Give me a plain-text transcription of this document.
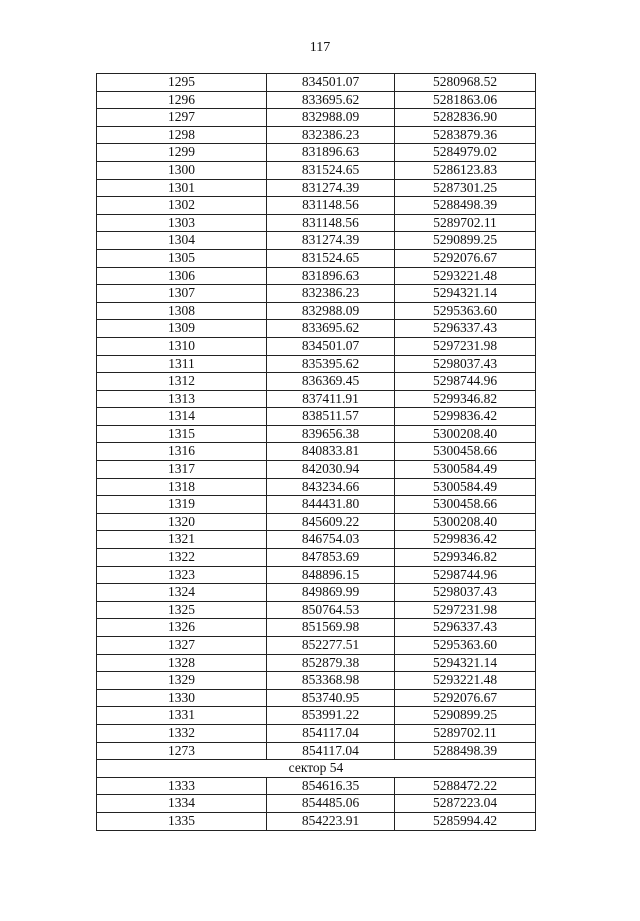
117
1295	834501.07	5280968.52
1296	833695.62	5281863.06
1297	832988.09	5282836.90
1298	832386.23	5283879.36
1299	831896.63	5284979.02
1300	831524.65	5286123.83
1301	831274.39	5287301.25
1302	831148.56	5288498.39
1303	831148.56	5289702.11
1304	831274.39	5290899.25
1305	831524.65	5292076.67
1306	831896.63	5293221.48
1307	832386.23	5294321.14
1308	832988.09	5295363.60
1309	833695.62	5296337.43
1310	834501.07	5297231.98
1311	835395.62	5298037.43
1312	836369.45	5298744.96
1313	837411.91	5299346.82
1314	838511.57	5299836.42
1315	839656.38	5300208.40
1316	840833.81	5300458.66
1317	842030.94	5300584.49
1318	843234.66	5300584.49
1319	844431.80	5300458.66
1320	845609.22	5300208.40
1321	846754.03	5299836.42
1322	847853.69	5299346.82
1323	848896.15	5298744.96
1324	849869.99	5298037.43
1325	850764.53	5297231.98
1326	851569.98	5296337.43
1327	852277.51	5295363.60
1328	852879.38	5294321.14
1329	853368.98	5293221.48
1330	853740.95	5292076.67
1331	853991.22	5290899.25
1332	854117.04	5289702.11
1273	854117.04	5288498.39
сектор 54		
1333	854616.35	5288472.22
1334	854485.06	5287223.04
1335	854223.91	5285994.42
